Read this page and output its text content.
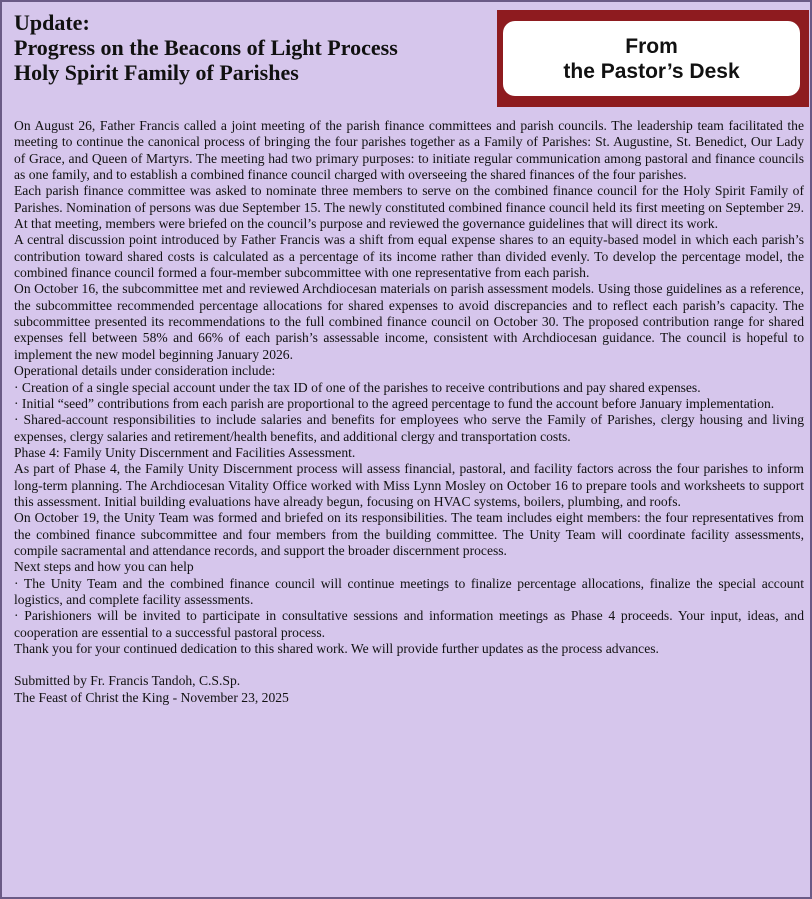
Update:
Progress on the Beacons of Light Process
Holy Spirit Family of Parishes
From
the Pastor’s Desk

On August 26, Father Francis called a joint meeting of the parish finance committees and parish councils. The leadership team facilitated the meeting to continue the canonical process of bringing the four parishes together as a Family of Parishes: St. Augustine, St. Benedict, Our Lady of Grace, and Queen of Martyrs. The meeting had two primary purposes: to initiate regular communication among pastoral and finance councils as one family, and to establish a combined finance council charged with overseeing the shared finances of the four parishes.

Each parish finance committee was asked to nominate three members to serve on the combined finance council for the Holy Spirit Family of Parishes. Nomination of persons was due September 15. The newly constituted combined finance council held its first meeting on September 29. At that meeting, members were briefed on the council’s purpose and reviewed the governance guidelines that will direct its work.

A central discussion point introduced by Father Francis was a shift from equal expense shares to an equity-based model in which each parish’s contribution toward shared costs is calculated as a percentage of its income rather than divided evenly. To develop the percentage model, the combined finance council formed a four-member subcommittee with one representative from each parish.

On October 16, the subcommittee met and reviewed Archdiocesan materials on parish assessment models. Using those guidelines as a reference, the subcommittee recommended percentage allocations for shared expenses to avoid discrepancies and to reflect each parish’s capacity. The subcommittee presented its recommendations to the full combined finance council on October 30. The proposed contribution range for shared expenses fell between 58% and 66% of each parish’s assessable income, consistent with Archdiocesan guidance. The council is hopeful to implement the new model beginning January 2026.

Operational details under consideration include:

· Creation of a single special account under the tax ID of one of the parishes to receive contributions and pay shared expenses.

· Initial “seed” contributions from each parish are proportional to the agreed percentage to fund the account before January implementation.

· Shared-account responsibilities to include salaries and benefits for employees who serve the Family of Parishes, clergy housing and living expenses, clergy salaries and retirement/health benefits, and additional clergy and transportation costs.

Phase 4: Family Unity Discernment and Facilities Assessment.

As part of Phase 4, the Family Unity Discernment process will assess financial, pastoral, and facility factors across the four parishes to inform long-term planning. The Archdiocesan Vitality Office worked with Miss Lynn Mosley on October 16 to prepare tools and worksheets to support this assessment. Initial building evaluations have already begun, focusing on HVAC systems, boilers, plumbing, and roofs.

On October 19, the Unity Team was formed and briefed on its responsibilities. The team includes eight members: the four representatives from the combined finance subcommittee and four members from the building committee. The Unity Team will coordinate facility assessments, compile sacramental and attendance records, and support the broader discernment process.

Next steps and how you can help

· The Unity Team and the combined finance council will continue meetings to finalize percentage allocations, finalize the special account logistics, and complete facility assessments.

· Parishioners will be invited to participate in consultative sessions and information meetings as Phase 4 proceeds. Your input, ideas, and cooperation are essential to a successful pastoral process.

Thank you for your continued dedication to this shared work. We will provide further updates as the process advances.

Submitted by Fr. Francis Tandoh, C.S.Sp.

The Feast of Christ the King - November 23, 2025
